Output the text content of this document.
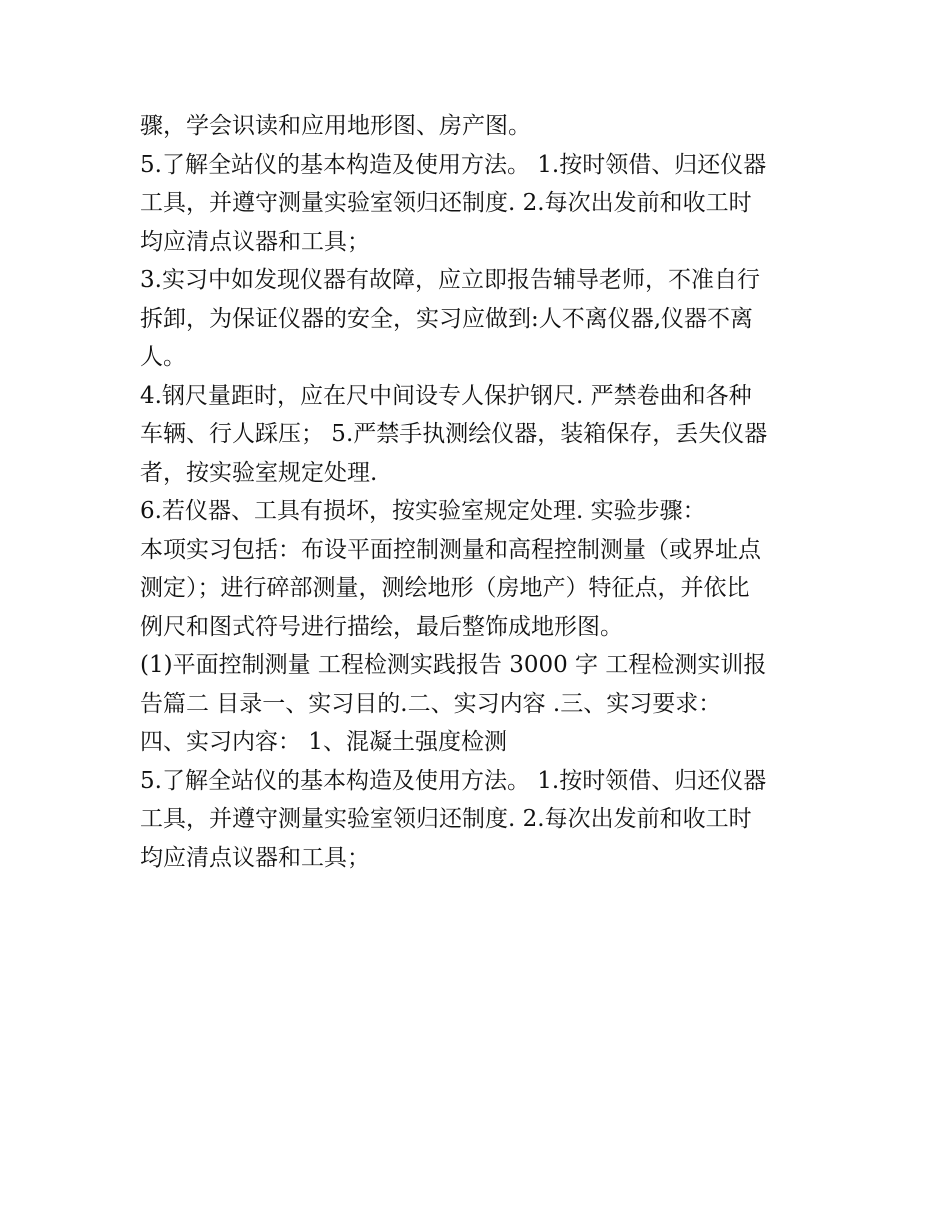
骤，学会识读和应用地形图、房产图。
5.了解全站仪的基本构造及使用方法。 1.按时领借、归还仪器
工具，并遵守测量实验室领归还制度. 2.每次出发前和收工时
均应清点议器和工具；
3.实习中如发现仪器有故障，应立即报告辅导老师，不准自行
拆卸，为保证仪器的安全，实习应做到:人不离仪器,仪器不离
人。
4.钢尺量距时，应在尺中间设专人保护钢尺. 严禁卷曲和各种
车辆、行人踩压； 5.严禁手执测绘仪器，装箱保存，丢失仪器
者，按实验室规定处理.
6.若仪器、工具有损坏，按实验室规定处理. 实验步骤：
本项实习包括：布设平面控制测量和高程控制测量（或界址点
测定）；进行碎部测量，测绘地形（房地产）特征点，并依比
例尺和图式符号进行描绘，最后整饰成地形图。
(1)平面控制测量 工程检测实践报告 3000 字 工程检测实训报
告篇二 目录一、实习目的.二、实习内容 .三、实习要求：
四、实习内容： 1、混凝土强度检测
5.了解全站仪的基本构造及使用方法。 1.按时领借、归还仪器
工具，并遵守测量实验室领归还制度. 2.每次出发前和收工时
均应清点议器和工具；
